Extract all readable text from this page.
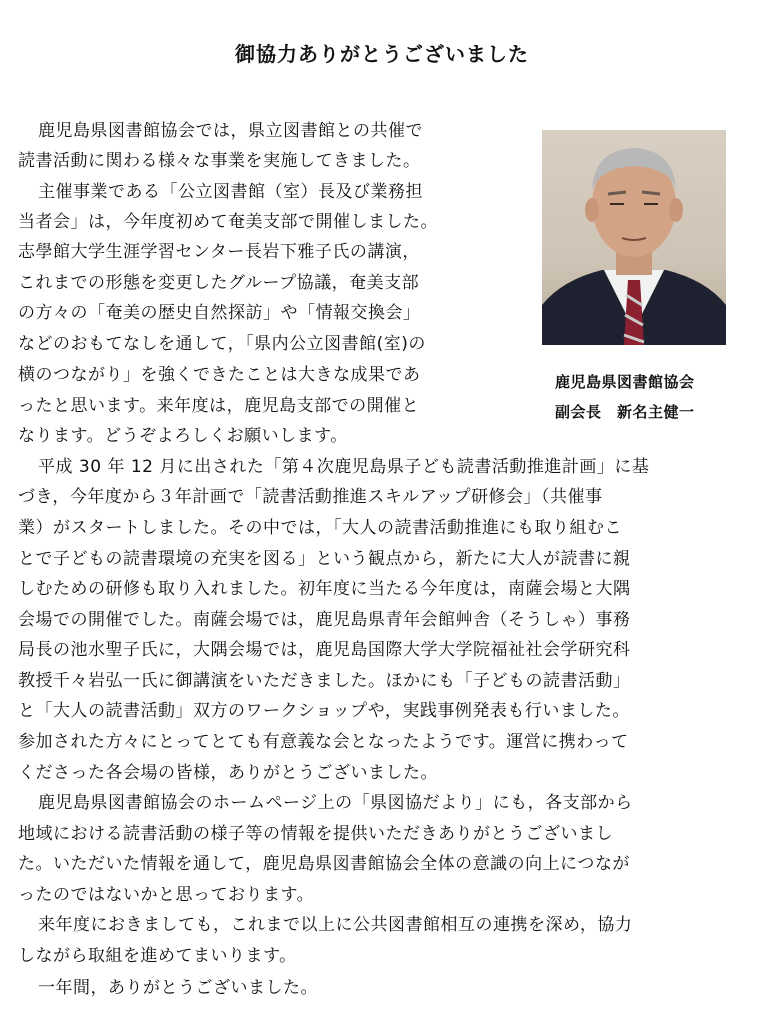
御協力ありがとうございました
鹿児島県図書館協会では，県立図書館との共催で
読書活動に関わる様々な事業を実施してきました。
主催事業である「公立図書館（室）長及び業務担
当者会」は，今年度初めて奄美支部で開催しました。
志學館大学生涯学習センター長岩下雅子氏の講演，
これまでの形態を変更したグループ協議，奄美支部
の方々の「奄美の歴史自然探訪」や「情報交換会」
などのおもてなしを通して，「県内公立図書館(室)の
横のつながり」を強くできたことは大きな成果であ
ったと思います。来年度は，鹿児島支部での開催と
なります。どうぞよろしくお願いします。
平成 30 年 12 月に出された「第４次鹿児島県子ども読書活動推進計画」に基
づき，今年度から３年計画で「読書活動推進スキルアップ研修会」（共催事
業）がスタートしました。その中では，「大人の読書活動推進にも取り組むこ
とで子どもの読書環境の充実を図る」という観点から，新たに大人が読書に親
しむための研修も取り入れました。初年度に当たる今年度は，南薩会場と大隅
会場での開催でした。南薩会場では，鹿児島県青年会館艸舎（そうしゃ）事務
局長の池水聖子氏に，大隅会場では，鹿児島国際大学大学院福祉社会学研究科
教授千々岩弘一氏に御講演をいただきました。ほかにも「子どもの読書活動」
と「大人の読書活動」双方のワークショップや，実践事例発表も行いました。
参加された方々にとってとても有意義な会となったようです。運営に携わって
くださった各会場の皆様，ありがとうございました。
鹿児島県図書館協会のホームページ上の「県図協だより」にも，各支部から
地域における読書活動の様子等の情報を提供いただきありがとうございまし
た。いただいた情報を通して，鹿児島県図書館協会全体の意識の向上につなが
ったのではないかと思っております。
来年度におきましても，これまで以上に公共図書館相互の連携を深め，協力
しながら取組を進めてまいります。
一年間，ありがとうございました。
鹿児島県図書館協会
副会長　新名主健一
